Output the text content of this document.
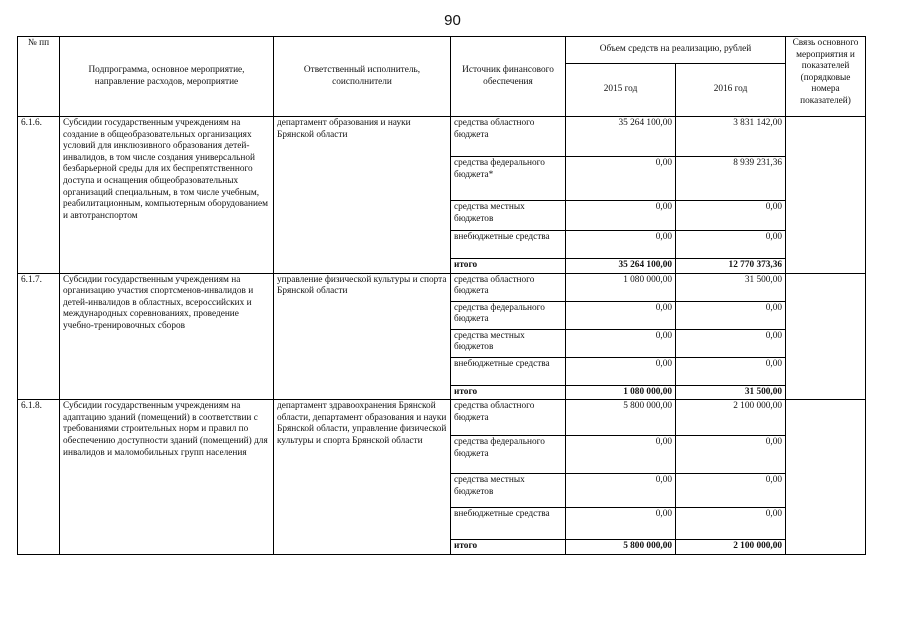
90
№ пп	Подпрограмма, основное мероприятие, направление расходов, мероприятие	Ответственный исполнитель, соисполнители	Источник финансового обеспечения	Объем средств на реализацию, рублей		Связь основного мероприятия и показателей (порядковые номера показателей)
				2015 год	2016 год	
6.1.6.	Субсидии государственным учреждениям на создание в общеобразовательных организациях условий для инклюзивного образования детей-инвалидов, в том числе создания универсальной безбарьерной среды для их беспрепятственного доступа и оснащения общеобразовательных организаций специальным, в том числе учебным, реабилитационным, компьютерным оборудованием и автотранспортом	департамент образования и науки Брянской области	средства областного бюджета	35 264 100,00	3 831 142,00	
			средства федерального бюджета*	0,00	8 939 231,36	
			средства местных бюджетов	0,00	0,00	
			внебюджетные средства	0,00	0,00	
			итого	35 264 100,00	12 770 373,36	
6.1.7.	Субсидии государственным учреждениям на организацию участия спортсменов-инвалидов и детей-инвалидов в областных, всероссийских и международных соревнованиях, проведение учебно-тренировочных сборов	управление физической культуры и спорта Брянской области	средства областного бюджета	1 080 000,00	31 500,00	
			средства федерального бюджета	0,00	0,00	
			средства местных бюджетов	0,00	0,00	
			внебюджетные средства	0,00	0,00	
			итого	1 080 000,00	31 500,00	
6.1.8.	Субсидии государственным учреждениям на адаптацию зданий (помещений) в соответствии с требованиями строительных норм и правил по обеспечению доступности зданий (помещений) для инвалидов и маломобильных групп населения	департамент здравоохранения Брянской области, департамент образования и науки Брянской области, управление физической культуры и спорта Брянской области	средства областного бюджета	5 800 000,00	2 100 000,00	
			средства федерального бюджета	0,00	0,00	
			средства местных бюджетов	0,00	0,00	
			внебюджетные средства	0,00	0,00	
			итого	5 800 000,00	2 100 000,00	
